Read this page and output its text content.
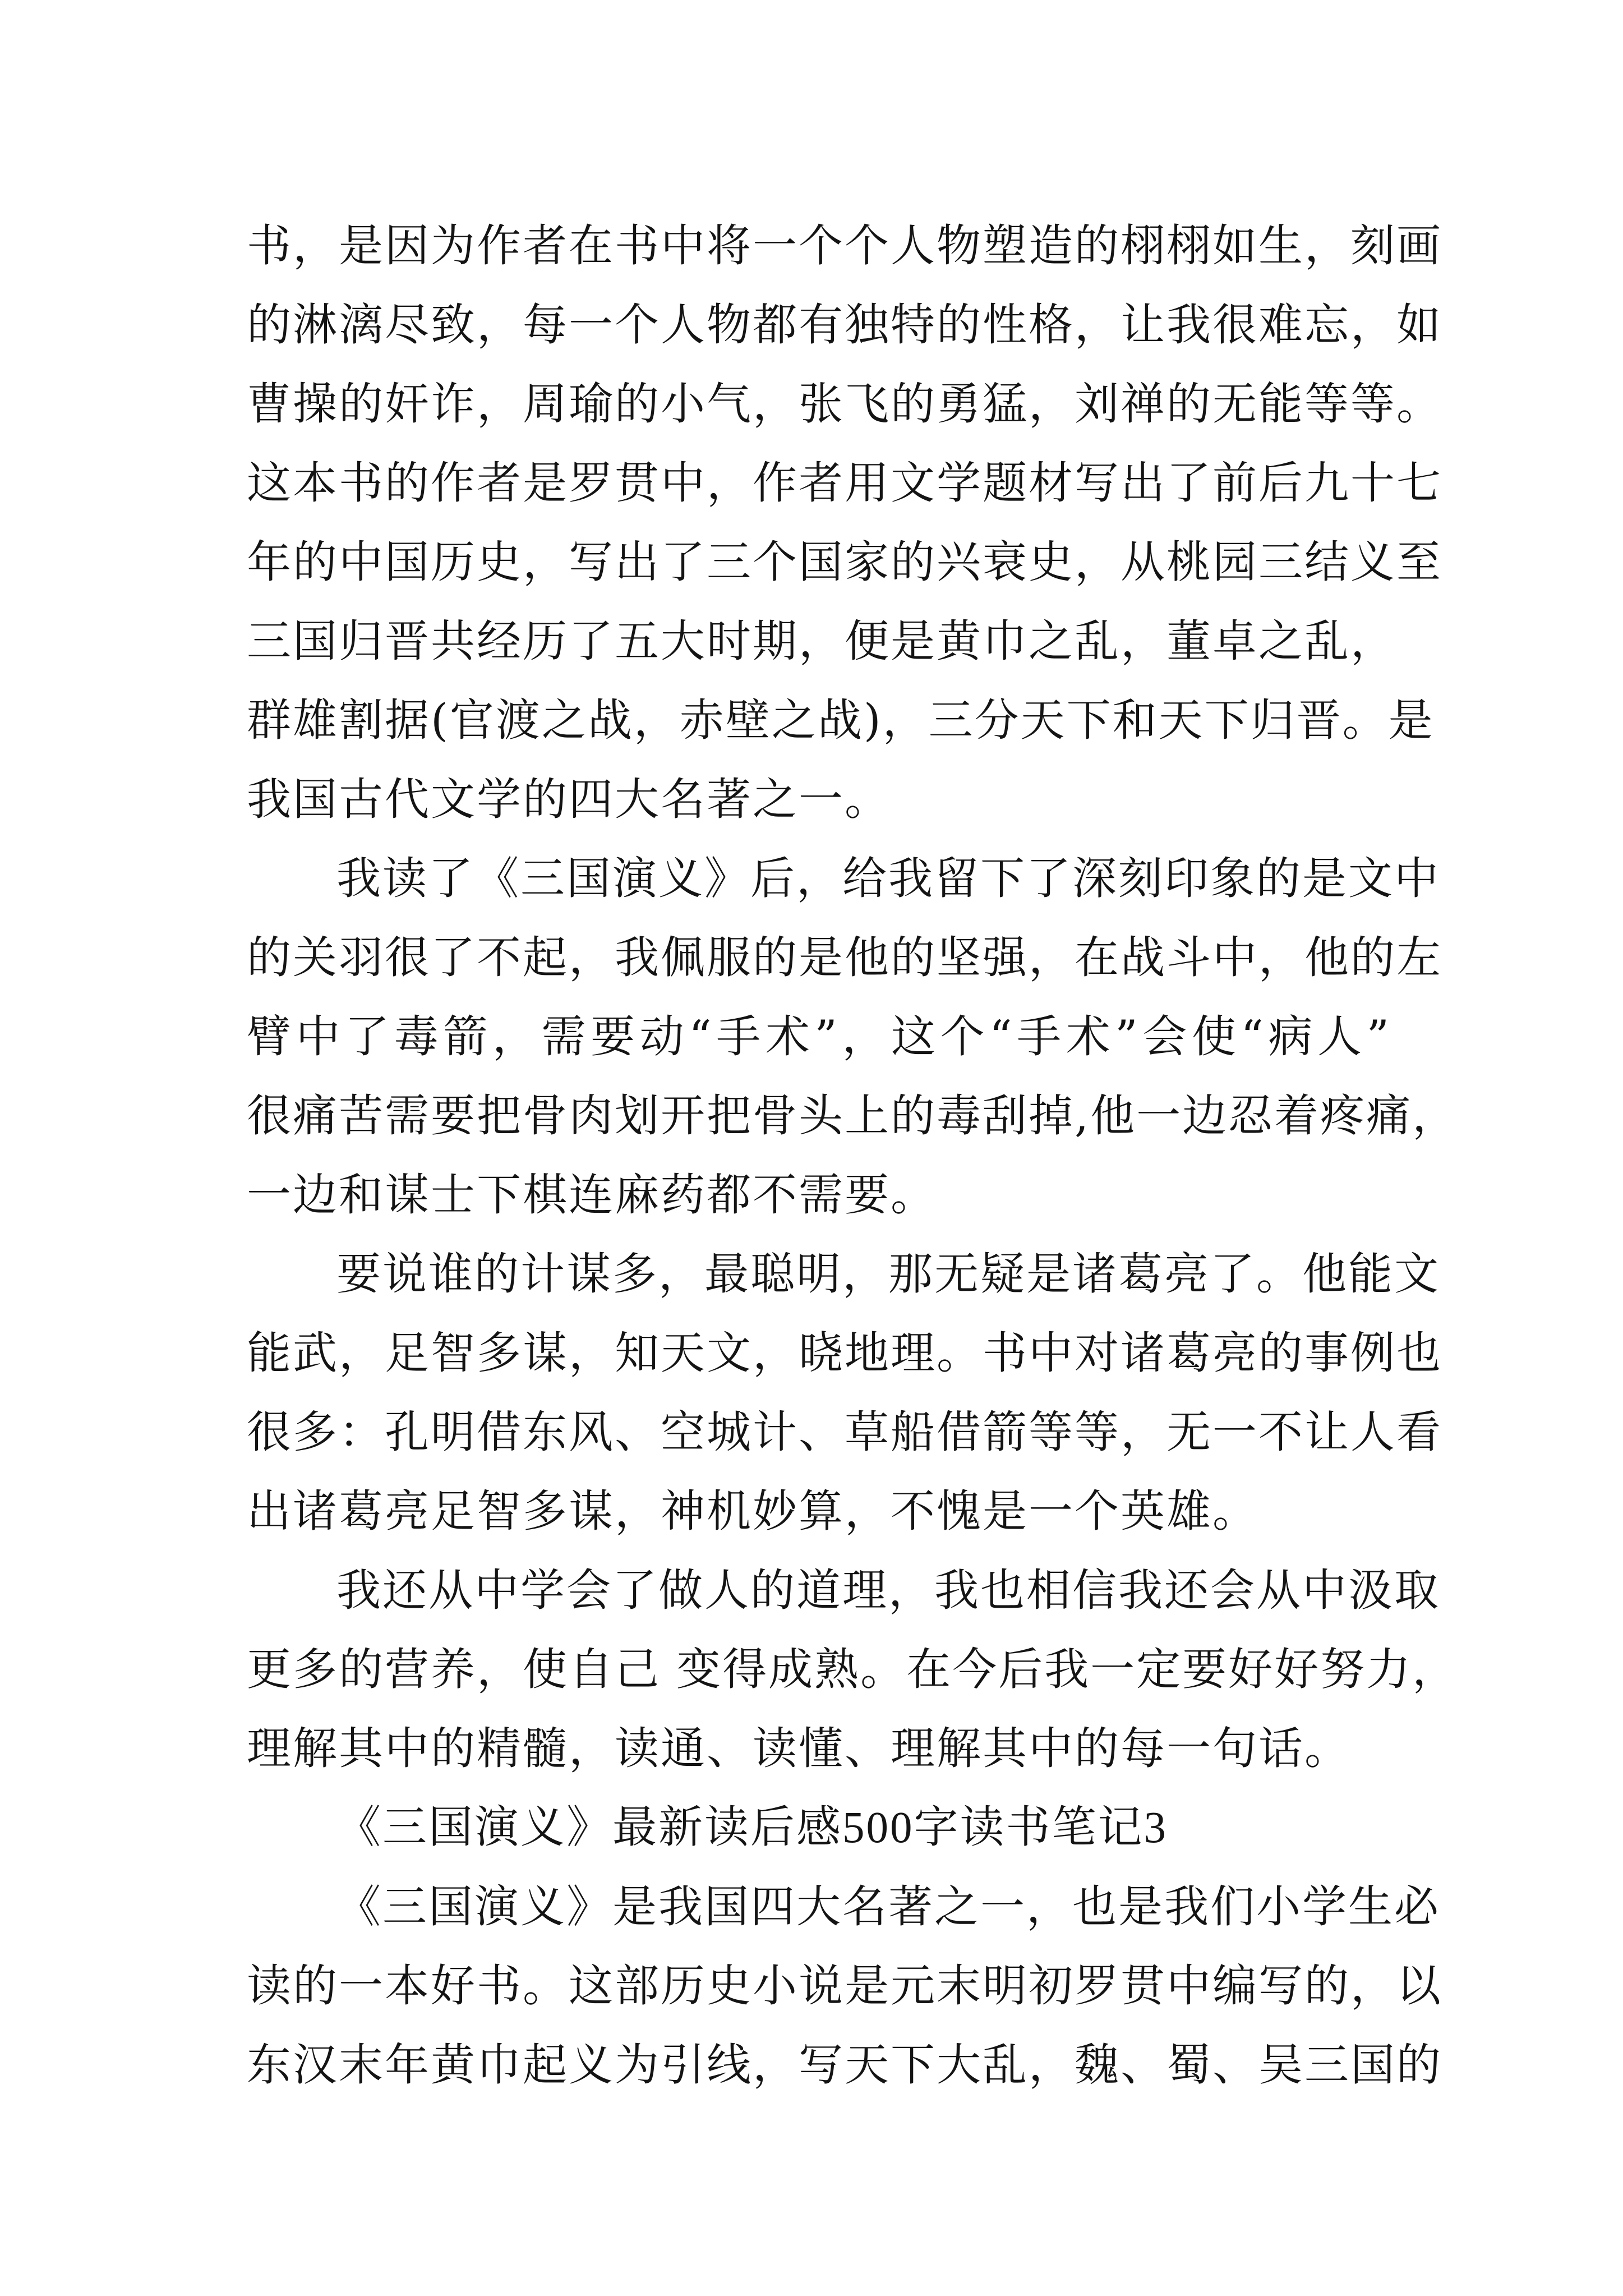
书，是因为作者在书中将一个个人物塑造的栩栩如生，刻画
的淋漓尽致，每一个人物都有独特的性格，让我很难忘，如
曹操的奸诈，周瑜的小气，张飞的勇猛，刘禅的无能等等。
这本书的作者是罗贯中，作者用文学题材写出了前后九十七
年的中国历史，写出了三个国家的兴衰史，从桃园三结义至
三国归晋共经历了五大时期，便是黄巾之乱，董卓之乱，
群雄割据(官渡之战，赤壁之战)，三分天下和天下归晋。是
我国古代文学的四大名著之一。
我读了《三国演义》后，给我留下了深刻印象的是文中
的关羽很了不起，我佩服的是他的坚强，在战斗中，他的左
臂中了毒箭，需要动“手术”，这个“手术”会使“病人”
很痛苦需要把骨肉划开把骨头上的毒刮掉,他一边忍着疼痛，
一边和谋士下棋连麻药都不需要。
要说谁的计谋多，最聪明，那无疑是诸葛亮了。他能文
能武，足智多谋，知天文，晓地理。书中对诸葛亮的事例也
很多：孔明借东风、空城计、草船借箭等等，无一不让人看
出诸葛亮足智多谋，神机妙算，不愧是一个英雄。
我还从中学会了做人的道理，我也相信我还会从中汲取
更多的营养，使自己 变得成熟。在今后我一定要好好努力，
理解其中的精髓，读通、读懂、理解其中的每一句话。
《三国演义》最新读后感500字读书笔记3
《三国演义》是我国四大名著之一，也是我们小学生必
读的一本好书。这部历史小说是元末明初罗贯中编写的，以
东汉末年黄巾起义为引线，写天下大乱，魏、蜀、吴三国的
